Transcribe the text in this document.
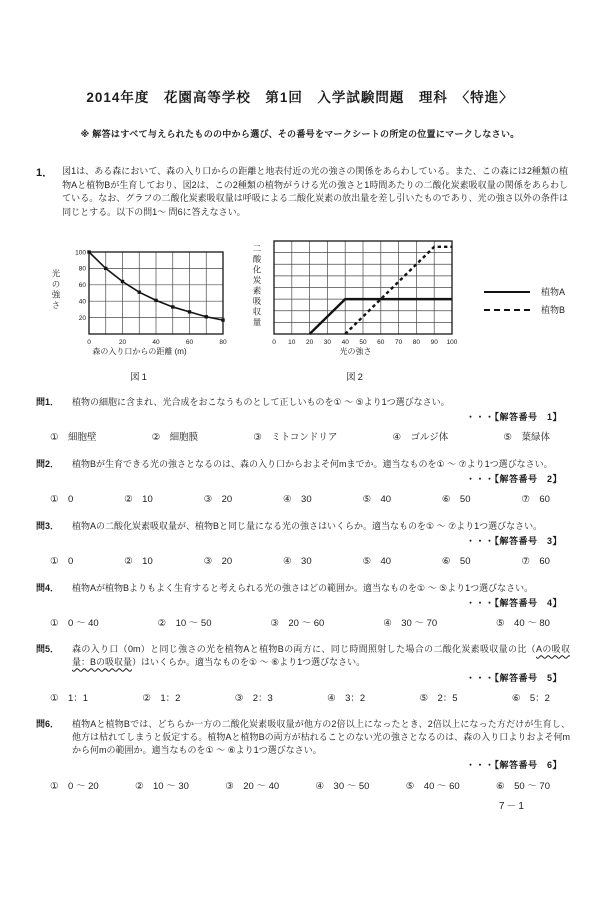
2014年度　花園高等学校　第1回　入学試験問題　理科　〈特進〉
※ 解答はすべて与えられたものの中から選び、その番号をマークシートの所定の位置にマークしなさい。
1． 図1は、ある森において、森の入り口からの距離と地表付近の光の強さの関係をあらわしている。また、この森には2種類の植物Aと植物Bが生育しており、図2は、この2種類の植物がうける光の強さと1時間あたりの二酸化炭素吸収量の関係をあらわしている。なお、グラフの二酸化炭素吸収量は呼吸による二酸化炭素の放出量を差し引いたものであり、光の強さ以外の条件は同じとする。以下の問1～ 問6に答えなさい。

光の強さ
0	20	40	60	80
20
40
60
80
100
森の入り口からの距離 (m)
図1
二酸化炭素吸収量
0 10 20 30 40 50 60 70 80 90 100
光の強さ
図2
植物A
植物B
問1．	植物の細胞に含まれ、光合成をおこなうものとして正しいものを① ～ ⑤より1つ選びなさい。
・・・【解答番号　1】
①　細胞壁	②　細胞膜	③　ミトコンドリア	④　ゴルジ体	⑤　葉緑体
問2．	植物Bが生育できる光の強さとなるのは、森の入り口からおよそ何mまでか。適当なものを① ～ ⑦より1つ選びなさい。
・・・【解答番号　2】
①　0	②　10	③　20	④　30	⑤　40	⑥　50	⑦　60
問3．	植物Aの二酸化炭素吸収量が、植物Bと同じ量になる光の強さはいくらか。適当なものを① ～ ⑦より1つ選びなさい。
・・・【解答番号　3】
①　0	②　10	③　20	④　30	⑤　40	⑥　50	⑦　60
問4．	植物Aが植物Bよりもよく生育すると考えられる光の強さはどの範囲か。適当なものを① ～ ⑤より1つ選びなさい。
・・・【解答番号　4】
①　0 ～ 40	②　10 ～ 50	③　20 ～ 60	④　30 ～ 70	⑤　40 ～ 80
問5．	森の入り口（0m）と同じ強さの光を植物Aと植物Bの両方に、同じ時間照射した場合の二酸化炭素吸収量の比（Aの吸収量：Bの吸収量）はいくらか。適当なものを① ～ ⑥より1つ選びなさい。
・・・【解答番号　5】
①　1：1	②　1：2	③　2：3	④　3：2	⑤　2：5	⑥　5：2
問6．	植物Aと植物Bでは、どちらか一方の二酸化炭素吸収量が他方の2倍以上になったとき、2倍以上になった方だけが生育し、他方は枯れてしまうと仮定する。植物Aと植物Bの両方が枯れることのない光の強さとなるのは、森の入り口よりおよそ何mから何mの範囲か。適当なものを① ～ ⑥より1つ選びなさい。
・・・【解答番号　6】
①　0 ～ 20	②　10 ～ 30	③　20 ～ 40	④　30 ～ 50	⑤　40 ～ 60	⑥　50 ～ 70
7－1
